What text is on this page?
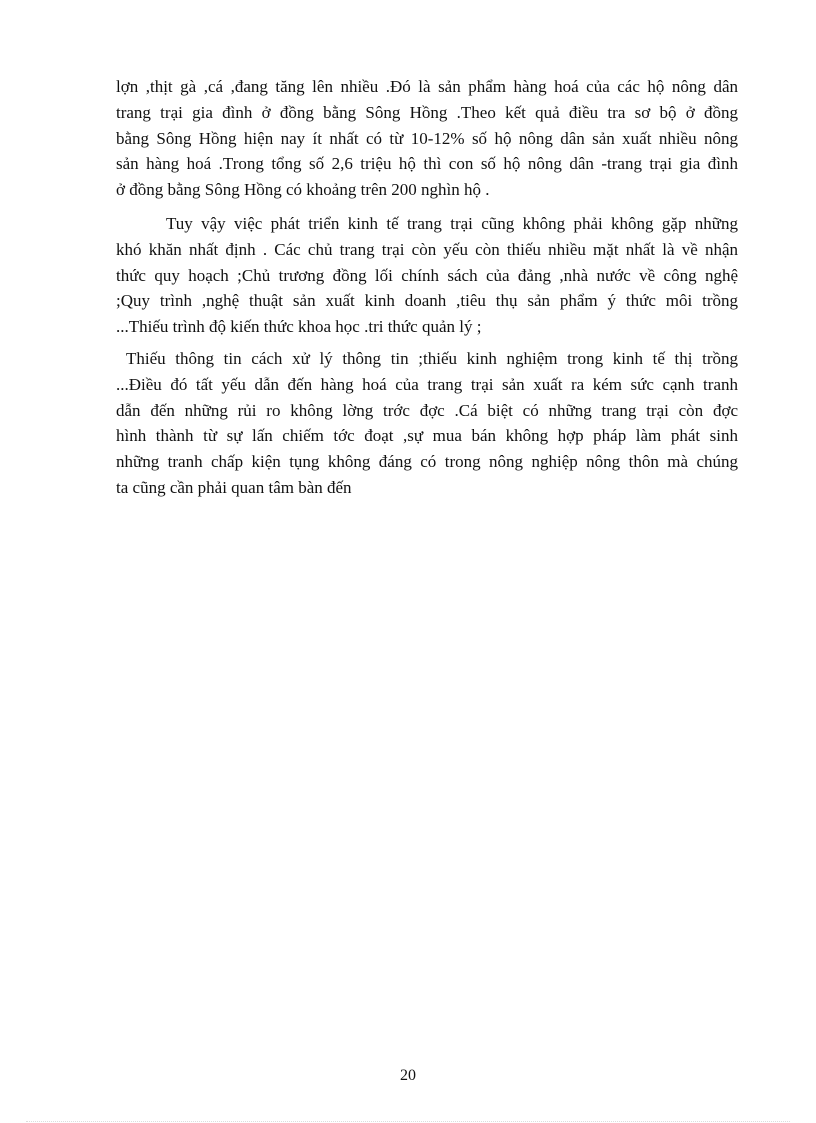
lợn ,thịt gà ,cá ,đang tăng lên nhiều .Đó là sản phẩm hàng hoá của các hộ nông dân
trang trại gia đình ở đồng bằng Sông Hồng .Theo kết quả điều tra sơ bộ ở đồng
bằng Sông Hồng hiện nay ít nhất có từ 10-12% số hộ nông dân sản xuất nhiều nông
sản hàng hoá .Trong tổng số 2,6 triệu hộ thì con số hộ nông dân -trang trại gia đình
ở đồng bằng Sông Hồng có khoảng trên 200 nghìn hộ .
Tuy vậy việc phát triển kinh tế trang trại cũng không phải không gặp những
khó khăn nhất định . Các chủ trang trại còn yếu còn thiếu nhiều mặt nhất là về nhận
thức quy hoạch ;Chủ trương đồng lối chính sách của đảng ,nhà nước về công nghệ
;Quy trình ,nghệ thuật sản xuất kinh doanh ,tiêu thụ sản phẩm ý thức môi trồng
...Thiếu trình độ kiến thức khoa học .tri thức quản lý ;
Thiếu thông tin cách xử lý thông tin ;thiếu kinh nghiệm trong kinh tế thị trồng
...Điều đó tất yếu dẫn đến hàng hoá của trang trại sản xuất ra kém sức cạnh tranh
dẫn đến những rủi ro không lờng trớc đợc .Cá biệt có những trang trại còn đợc
hình thành từ sự lấn chiếm tớc đoạt ,sự mua bán không hợp pháp làm phát sinh
những tranh chấp kiện tụng không đáng có trong nông nghiệp nông thôn mà chúng
ta cũng cần phải quan tâm bàn đến
20
